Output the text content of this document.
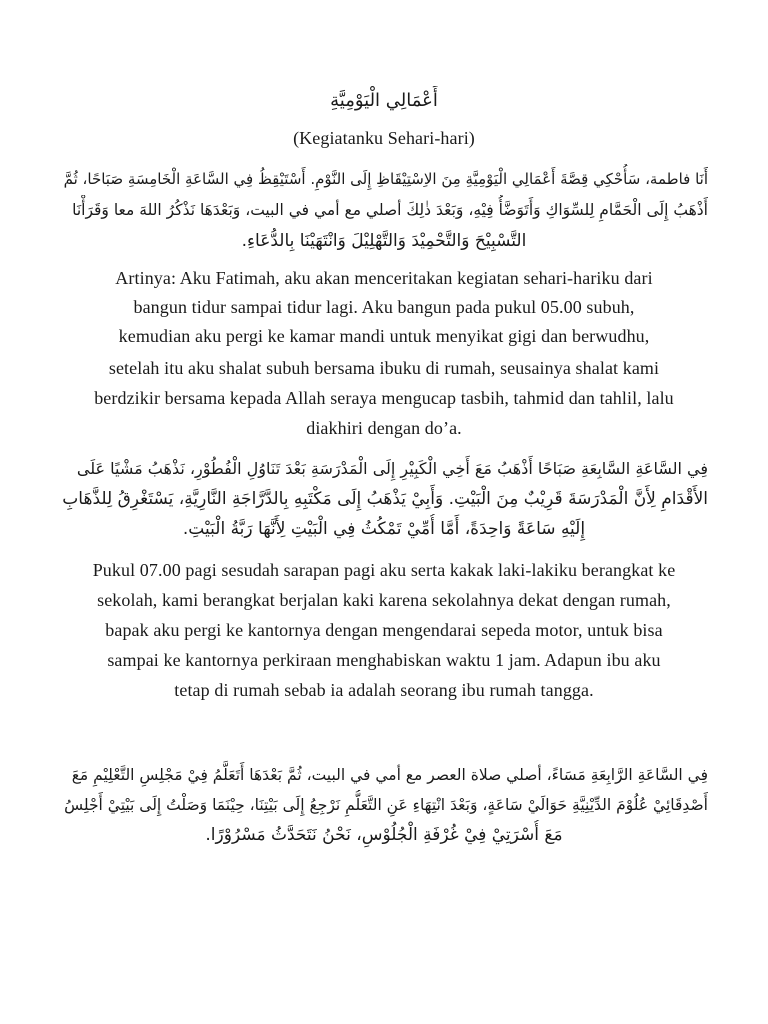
أَعْمَالِي الْيَوْمِيَّةِ
(Kegiatanku Sehari-hari)
أَنَا فاطمة، سَأُحْكِي قِصَّةَ أَعْمَالِي الْيَوْمِيَّةِ مِنَ الاِسْتِيْقَاظِ إِلَى النَّوْمِ. أَسْتَيْقِظُ فِي السَّاعَةِ الْخَامِسَةِ صَبَاحًا، ثُمَّ
أَذْهَبُ إِلَى الْحَمَّامِ لِلسِّوَاكِ وَأَتَوَضَّأُ فِيْهِ، وَبَعْدَ ذٰلِكَ أصلي مع أمي في البيت، وَبَعْدَهَا نَذْكُرُ اللهَ معا وَقَرَأْنَا
التَّسْبِيْحَ وَالتَّحْمِيْدَ وَالتَّهْلِيْلَ وَانْتَهَيْنَا بِالدُّعَاءِ.
Artinya: Aku Fatimah, aku akan menceritakan kegiatan sehari-hariku dari
bangun tidur sampai tidur lagi. Aku bangun pada pukul 05.00 subuh,
kemudian aku pergi ke kamar mandi untuk menyikat gigi dan berwudhu,
setelah itu aku shalat subuh bersama ibuku di rumah, seusainya shalat kami
berdzikir bersama kepada Allah seraya mengucap tasbih, tahmid dan tahlil, lalu
diakhiri dengan do’a.
فِي السَّاعَةِ السَّابِعَةِ صَبَاحًا أَذْهَبُ مَعَ أَخِي الْكَبِيْرِ إِلَى الْمَدْرَسَةِ بَعْدَ تَنَاوُلِ الْفُطُوْرِ، نَذْهَبُ مَشْيًا عَلَى
الأَقْدَامِ لِأَنَّ الْمَدْرَسَةَ قَرِيْبٌ مِنَ الْبَيْتِ. وَأَبِيْ يَذْهَبُ إِلَى مَكْتَبِهِ بِالدَّرَّاجَةِ النَّارِيَّةِ، يَسْتَغْرِقُ لِلذَّهَابِ
إِلَيْهِ سَاعَةً وَاحِدَةً، أَمَّا أُمِّيْ تَمْكُثُ فِي الْبَيْتِ لِأَنَّهَا رَبَّةُ الْبَيْتِ.
Pukul 07.00 pagi sesudah sarapan pagi aku serta kakak laki-lakiku berangkat ke
sekolah, kami berangkat berjalan kaki karena sekolahnya dekat dengan rumah,
bapak aku pergi ke kantornya dengan mengendarai sepeda motor, untuk bisa
sampai ke kantornya perkiraan menghabiskan waktu 1 jam. Adapun ibu aku
tetap di rumah sebab ia adalah seorang ibu rumah tangga.
فِي السَّاعَةِ الرَّابِعَةِ مَسَاءً، أصلي صلاة العصر مع أمي في البيت، ثُمَّ بَعْدَهَا أَتَعَلَّمُ فِيْ مَجْلِسِ التَّعْلِيْمِ مَعَ
أَصْدِقَائِيْ عُلُوْمَ الدِّيْنِيَّةِ حَوَالَيْ سَاعَةٍ، وَبَعْدَ انْتِهَاءِ عَنِ التَّعَلُّمِ نَرْجِعُ إِلَى بَيْتِنَا، حِيْنَمَا وَصَلْتُ إِلَى بَيْتِيْ أَجْلِسُ
مَعَ أُسْرَتِيْ فِيْ غُرْفَةِ الْجُلُوْسِ، نَحْنُ نَتَحَدَّثُ مَسْرُوْرًا.
